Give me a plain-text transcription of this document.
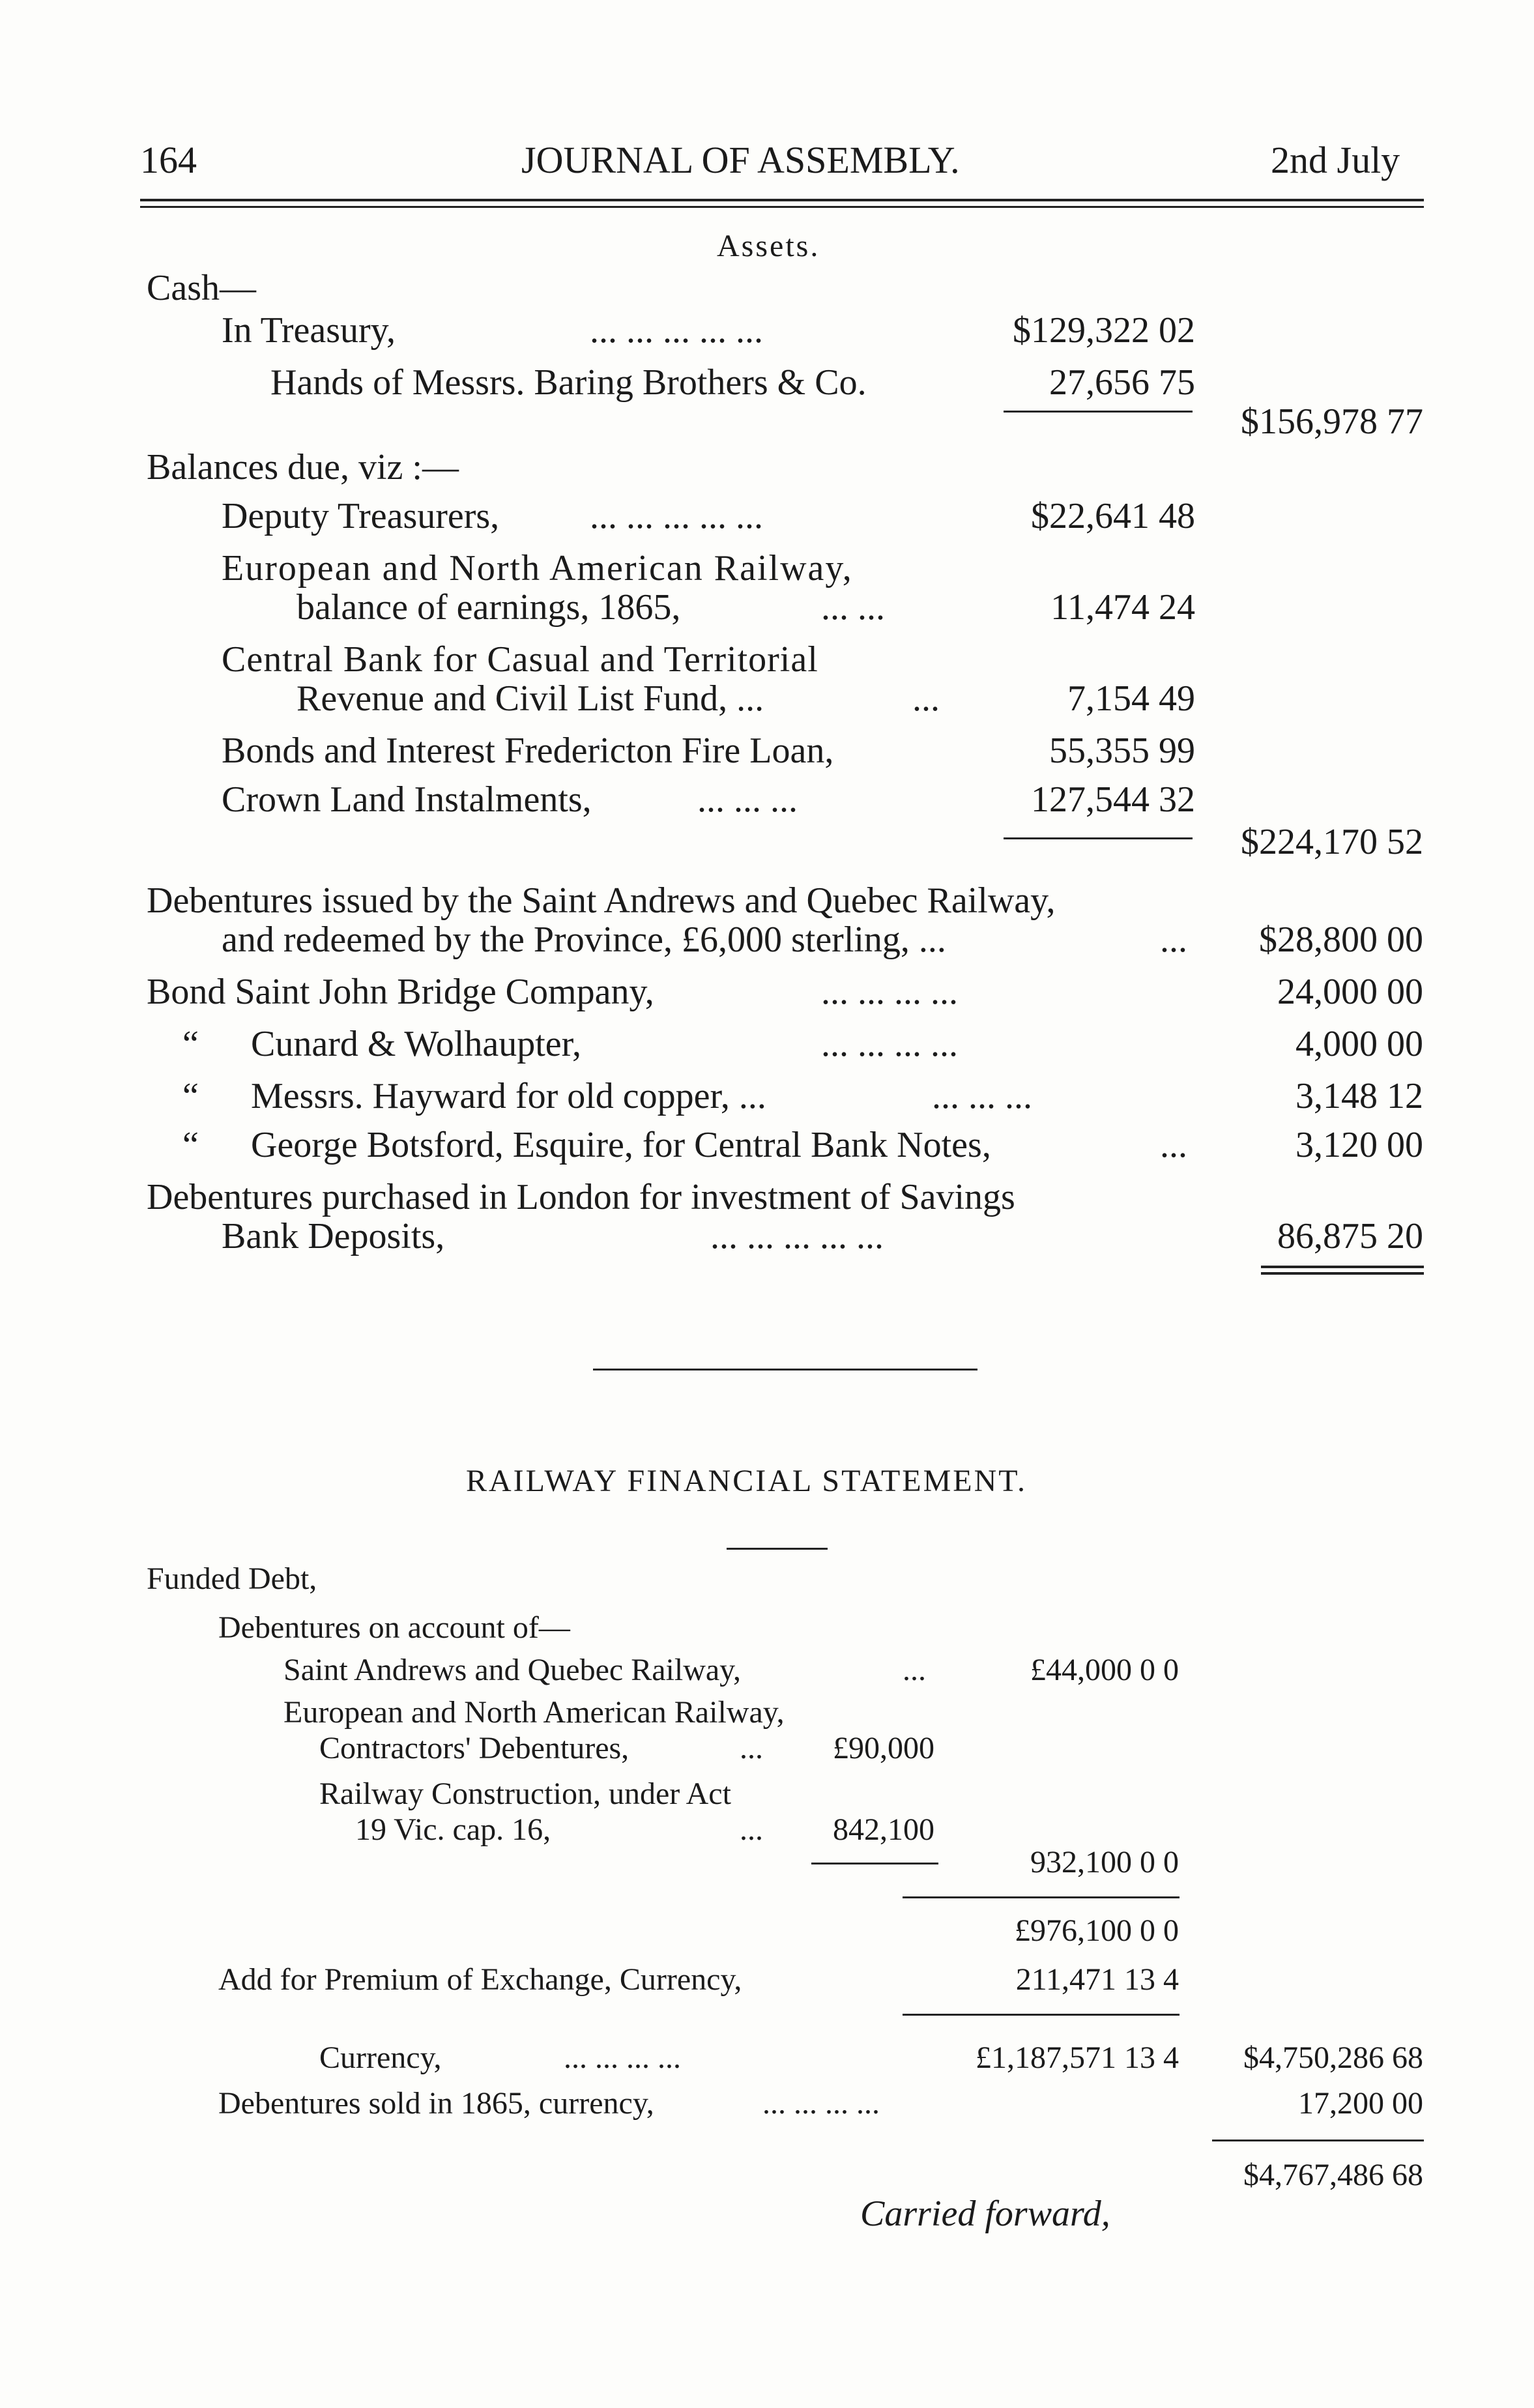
164	JOURNAL OF ASSEMBLY.	2nd July
Assets.
Cash—
In Treasury,	... ... ... ... ...	$129,322 02
Hands of Messrs. Baring Brothers & Co.	27,656 75
$156,978 77
Balances due, viz :—
Deputy Treasurers, ... ... ... ... ...	$22,641 48
European and North American Railway,
balance of earnings, 1865,	... ...	11,474 24
Central Bank for Casual and Territorial
Revenue and Civil List Fund, ...	...	7,154 49
Bonds and Interest Fredericton Fire Loan,	55,355 99
Crown Land Instalments,	... ... ...	127,544 32
$224,170 52
Debentures issued by the Saint Andrews and Quebec Railway,
and redeemed by the Province, £6,000 sterling, ...	... $28,800 00
Bond Saint John Bridge Company,	... ... ... ...	24,000 00
“ Cunard & Wolhaupter,	... ... ... ...	4,000 00
“ Messrs. Hayward for old copper, ...	... ... ...	3,148 12
“ George Botsford, Esquire, for Central Bank Notes,	...	3,120 00
Debentures purchased in London for investment of Savings
Bank Deposits,	... ... ... ... ...	86,875 20
RAILWAY FINANCIAL STATEMENT.
Funded Debt,
Debentures on account of—
Saint Andrews and Quebec Railway,	...	£44,000 0 0
European and North American Railway,
Contractors' Debentures,	... £90,000
Railway Construction, under Act
19 Vic. cap. 16,	... 842,100
932,100 0 0
£976,100 0 0
Add for Premium of Exchange, Currency,	211,471 13 4
Currency,	... ... ... ...	£1,187,571 13 4 $4,750,286 68
Debentures sold in 1865, currency,	... ... ... ...	17,200 00
$4,767,486 68
Carried forward,
